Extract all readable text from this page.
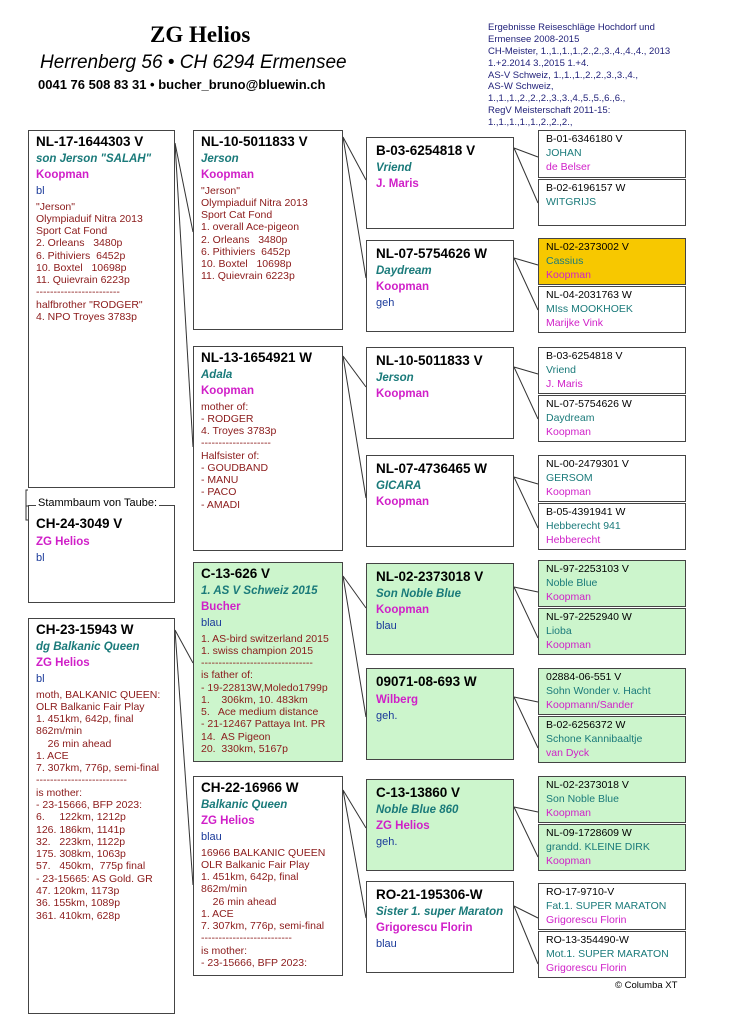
ZG Helios
Herrenberg 56 • CH 6294 Ermensee
0041 76 508 83 31 • bucher_bruno@bluewin.ch
Ergebnisse Reiseschläge Hochdorf und
Ermensee 2008-2015
CH-Meister, 1.,1.,1.,1.,2.,2.,3.,4.,4.,4., 2013
1.+2.2014 3.,2015 1.+4.
AS-V Schweiz, 1.,1.,1.,2.,2.,3.,3.,4.,
AS-W Schweiz,
1.,1.,1.,2.,2.,2.,3.,3.,4.,5.,5.,6.,6.,
RegV Meisterschaft 2011-15:
1.,1.,1.,1.,1.,2.,2.,2.,
NL-17-1644303 V
son Jerson "SALAH"
Koopman
bl
"Jerson"
Olympiaduif Nitra 2013
Sport Cat Fond
2. Orleans   3480p
6. Pithiviers  6452p
10. Boxtel   10698p
11. Quievrain 6223p
------------------------
halfbrother "RODGER"
4. NPO Troyes 3783p
Stammbaum von Taube:
CH-24-3049 V
ZG Helios
bl
CH-23-15943 W
dg Balkanic Queen
ZG Helios
bl
moth, BALKANIC QUEEN:
OLR Balkanic Fair Play
1. 451km, 642p, final
862m/min
26 min ahead
1. ACE
7. 307km, 776p, semi-final
--------------------------
is mother:
- 23-15666, BFP 2023:
6.     122km, 1212p
126. 186km, 1141p
32.   223km, 1122p
175. 308km, 1063p
57.   450km,  775p final
- 23-15665: AS Gold. GR
47. 120km, 1173p
36. 155km, 1089p
361. 410km, 628p
NL-10-5011833 V
Jerson
Koopman
"Jerson"
Olympiaduif Nitra 2013
Sport Cat Fond
1. overall Ace-pigeon
2. Orleans   3480p
6. Pithiviers  6452p
10. Boxtel   10698p
11. Quievrain 6223p
NL-13-1654921 W
Adala
Koopman
mother of:
- RODGER
4. Troyes 3783p
--------------------
Halfsister of:
- GOUDBAND
- MANU
- PACO
- AMADI
C-13-626 V
1. AS V Schweiz 2015
Bucher
blau
1. AS-bird switzerland 2015
1. swiss champion 2015
--------------------------------
is father of:
- 19-22813W,Moledo1799p
1.    306km, 10. 483km
5.   Ace medium distance
- 21-12467 Pattaya Int. PR
14.  AS Pigeon
20.  330km, 5167p
CH-22-16966 W
Balkanic Queen
ZG Helios
blau
16966 BALKANIC QUEEN
OLR Balkanic Fair Play
1. 451km, 642p, final
862m/min
26 min ahead
1. ACE
7. 307km, 776p, semi-final
--------------------------
is mother:
- 23-15666, BFP 2023:
B-03-6254818 V
Vriend
J. Maris
NL-07-5754626 W
Daydream
Koopman
geh
NL-10-5011833 V
Jerson
Koopman
NL-07-4736465 W
GICARA
Koopman
NL-02-2373018 V
Son Noble Blue
Koopman
blau
09071-08-693 W
Wilberg
geh.
C-13-13860 V
Noble Blue 860
ZG Helios
geh.
RO-21-195306-W
Sister 1. super Maraton
Grigorescu Florin
blau
B-01-6346180 V
JOHAN
de Belser
B-02-6196157 W
WITGRIJS
NL-02-2373002 V
Cassius
Koopman
NL-04-2031763 W
MIss MOOKHOEK
Marijke Vink
B-03-6254818 V
Vriend
J. Maris
NL-07-5754626 W
Daydream
Koopman
NL-00-2479301 V
GERSOM
Koopman
B-05-4391941 W
Hebberecht 941
Hebberecht
NL-97-2253103 V
Noble Blue
Koopman
NL-97-2252940 W
Lioba
Koopman
02884-06-551 V
Sohn Wonder v. Hacht
Koopmann/Sander
B-02-6256372 W
Schone Kannibaaltje
van Dyck
NL-02-2373018 V
Son Noble Blue
Koopman
NL-09-1728609 W
grandd. KLEINE DIRK
Koopman
RO-17-9710-V
Fat.1. SUPER MARATON
Grigorescu Florin
RO-13-354490-W
Mot.1. SUPER MARATON
Grigorescu Florin
© Columba XT
